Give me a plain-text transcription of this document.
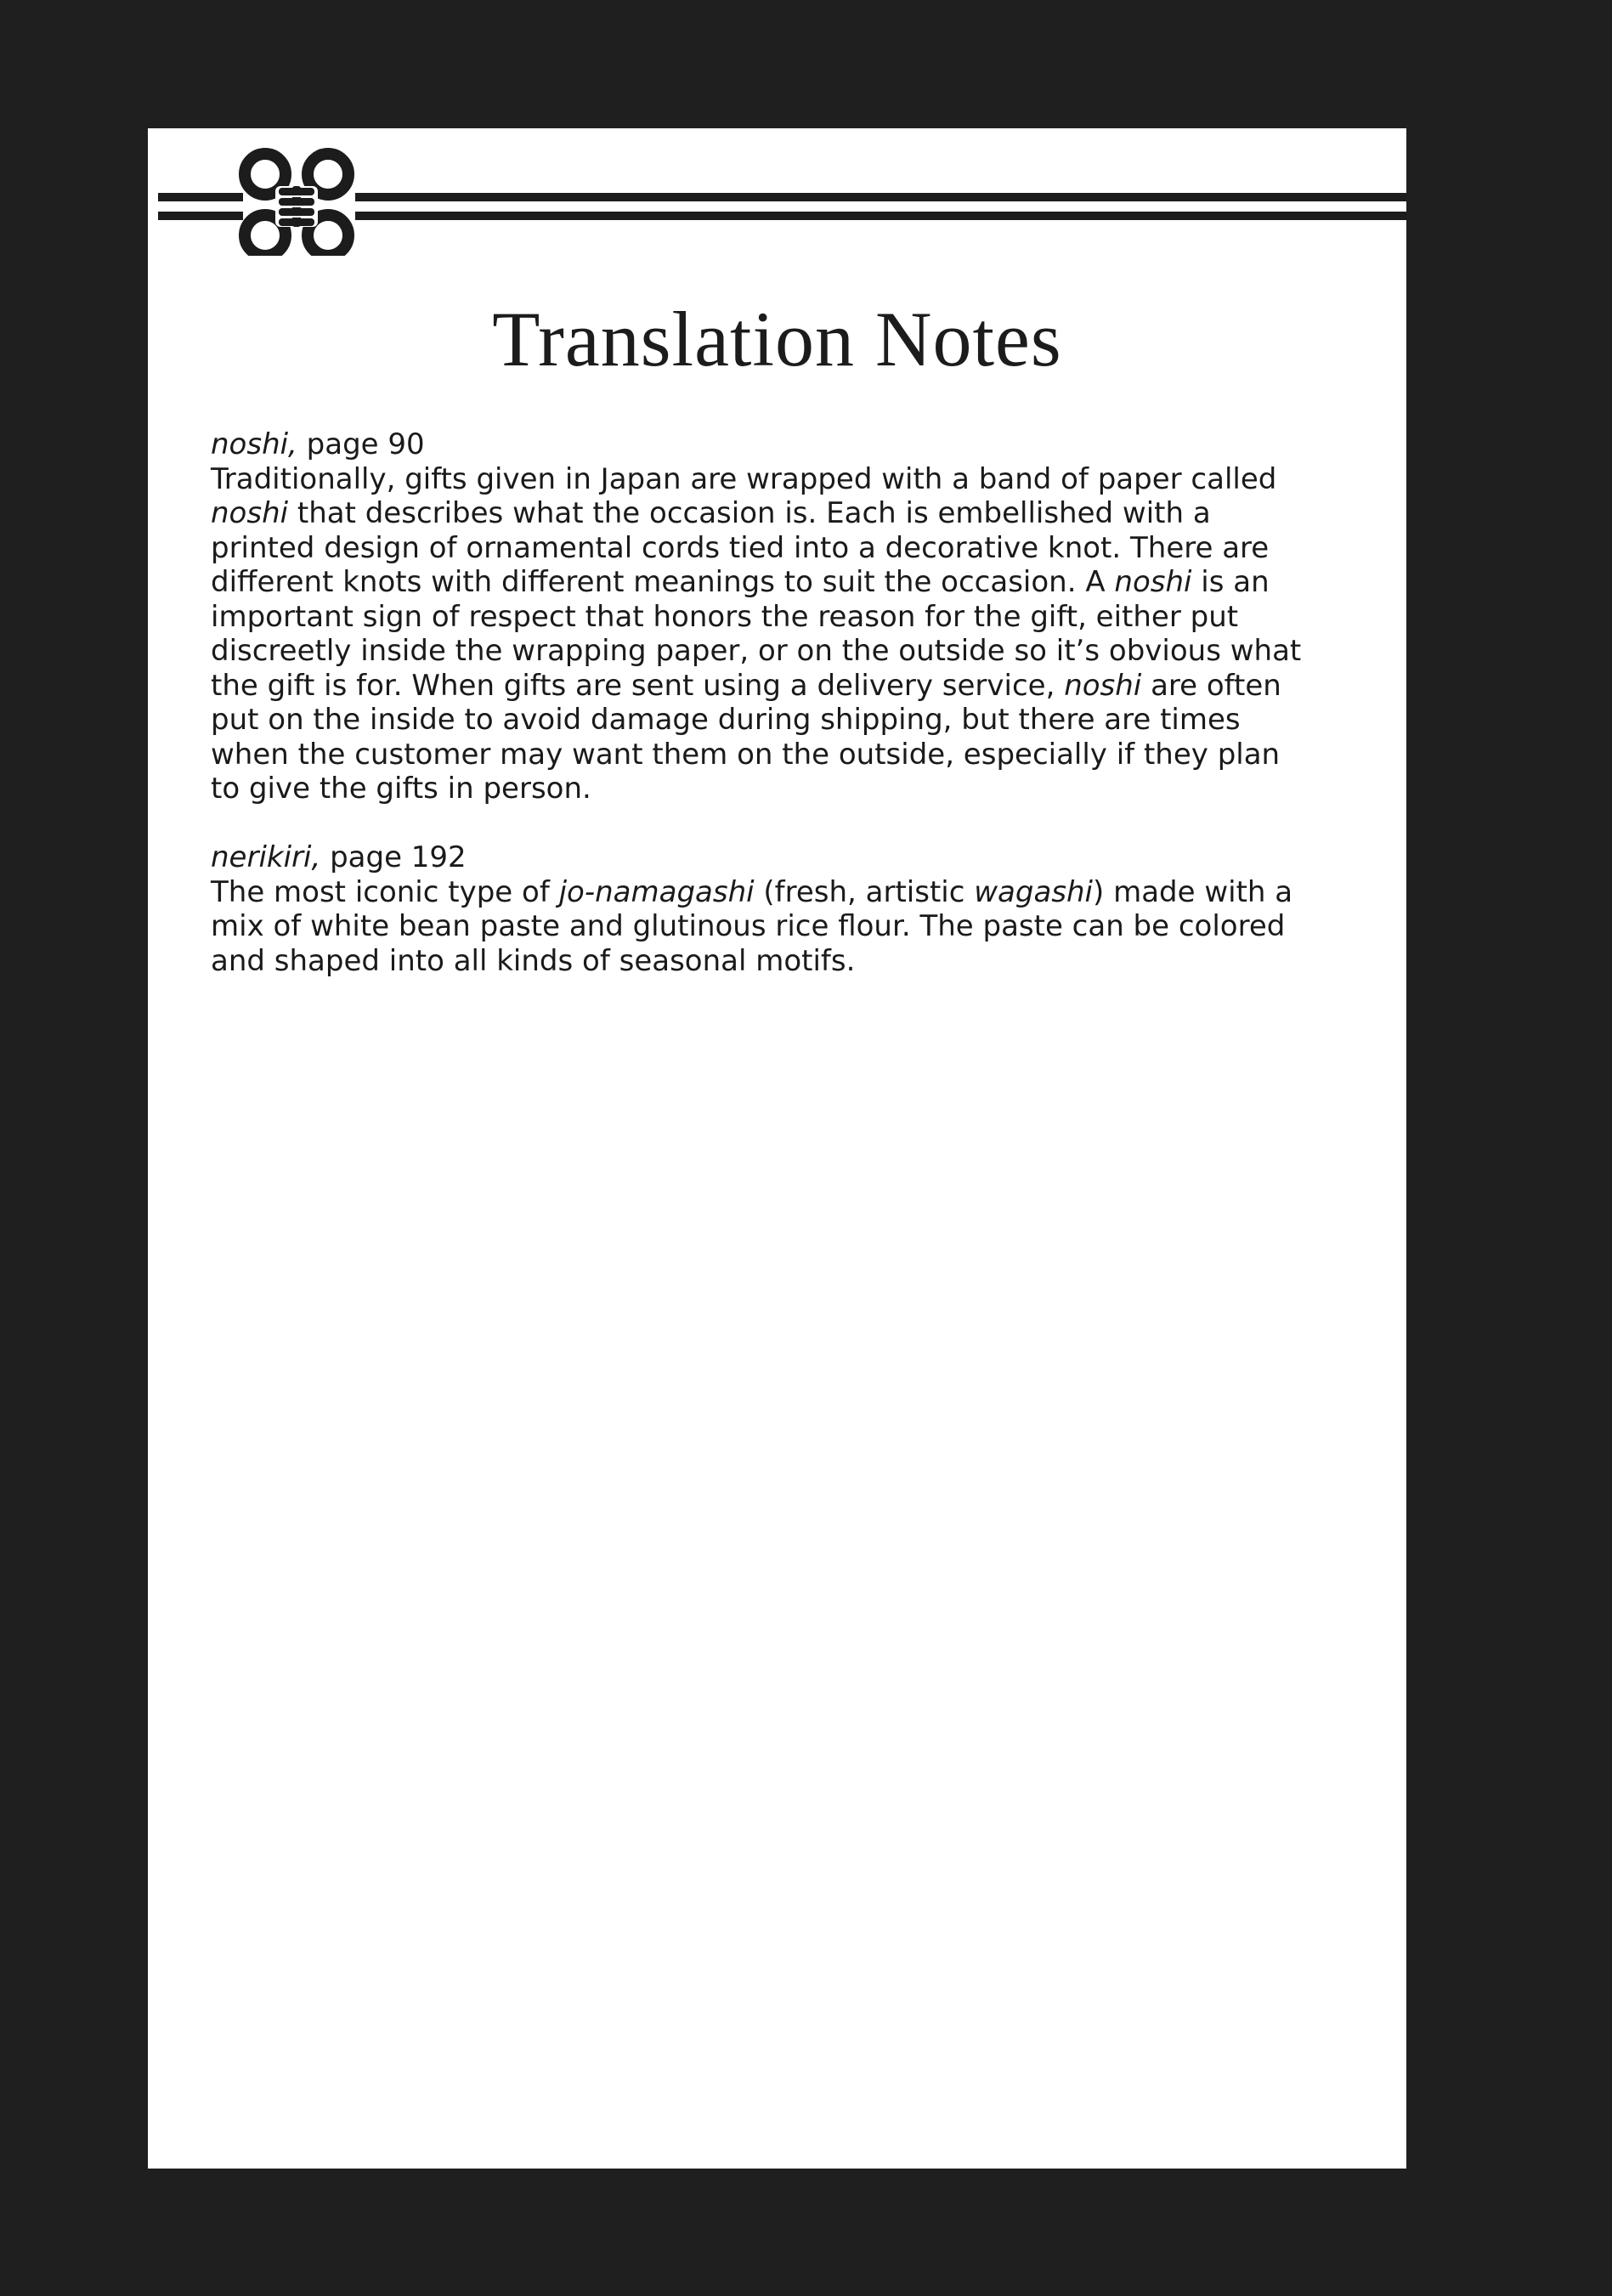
Translation Notes

noshi, page 90

Traditionally, gifts given in Japan are wrapped with a band of paper called noshi that describes what the occasion is. Each is embellished with a printed design of ornamental cords tied into a decorative knot. There are different knots with different meanings to suit the occasion. A noshi is an important sign of respect that honors the reason for the gift, either put discreetly inside the wrapping paper, or on the outside so it’s obvious what the gift is for. When gifts are sent using a delivery service, noshi are often put on the inside to avoid damage during shipping, but there are times when the customer may want them on the outside, especially if they plan to give the gifts in person.

nerikiri, page 192

The most iconic type of jo-namagashi (fresh, artistic wagashi) made with a mix of white bean paste and glutinous rice flour. The paste can be colored and shaped into all kinds of seasonal motifs.
